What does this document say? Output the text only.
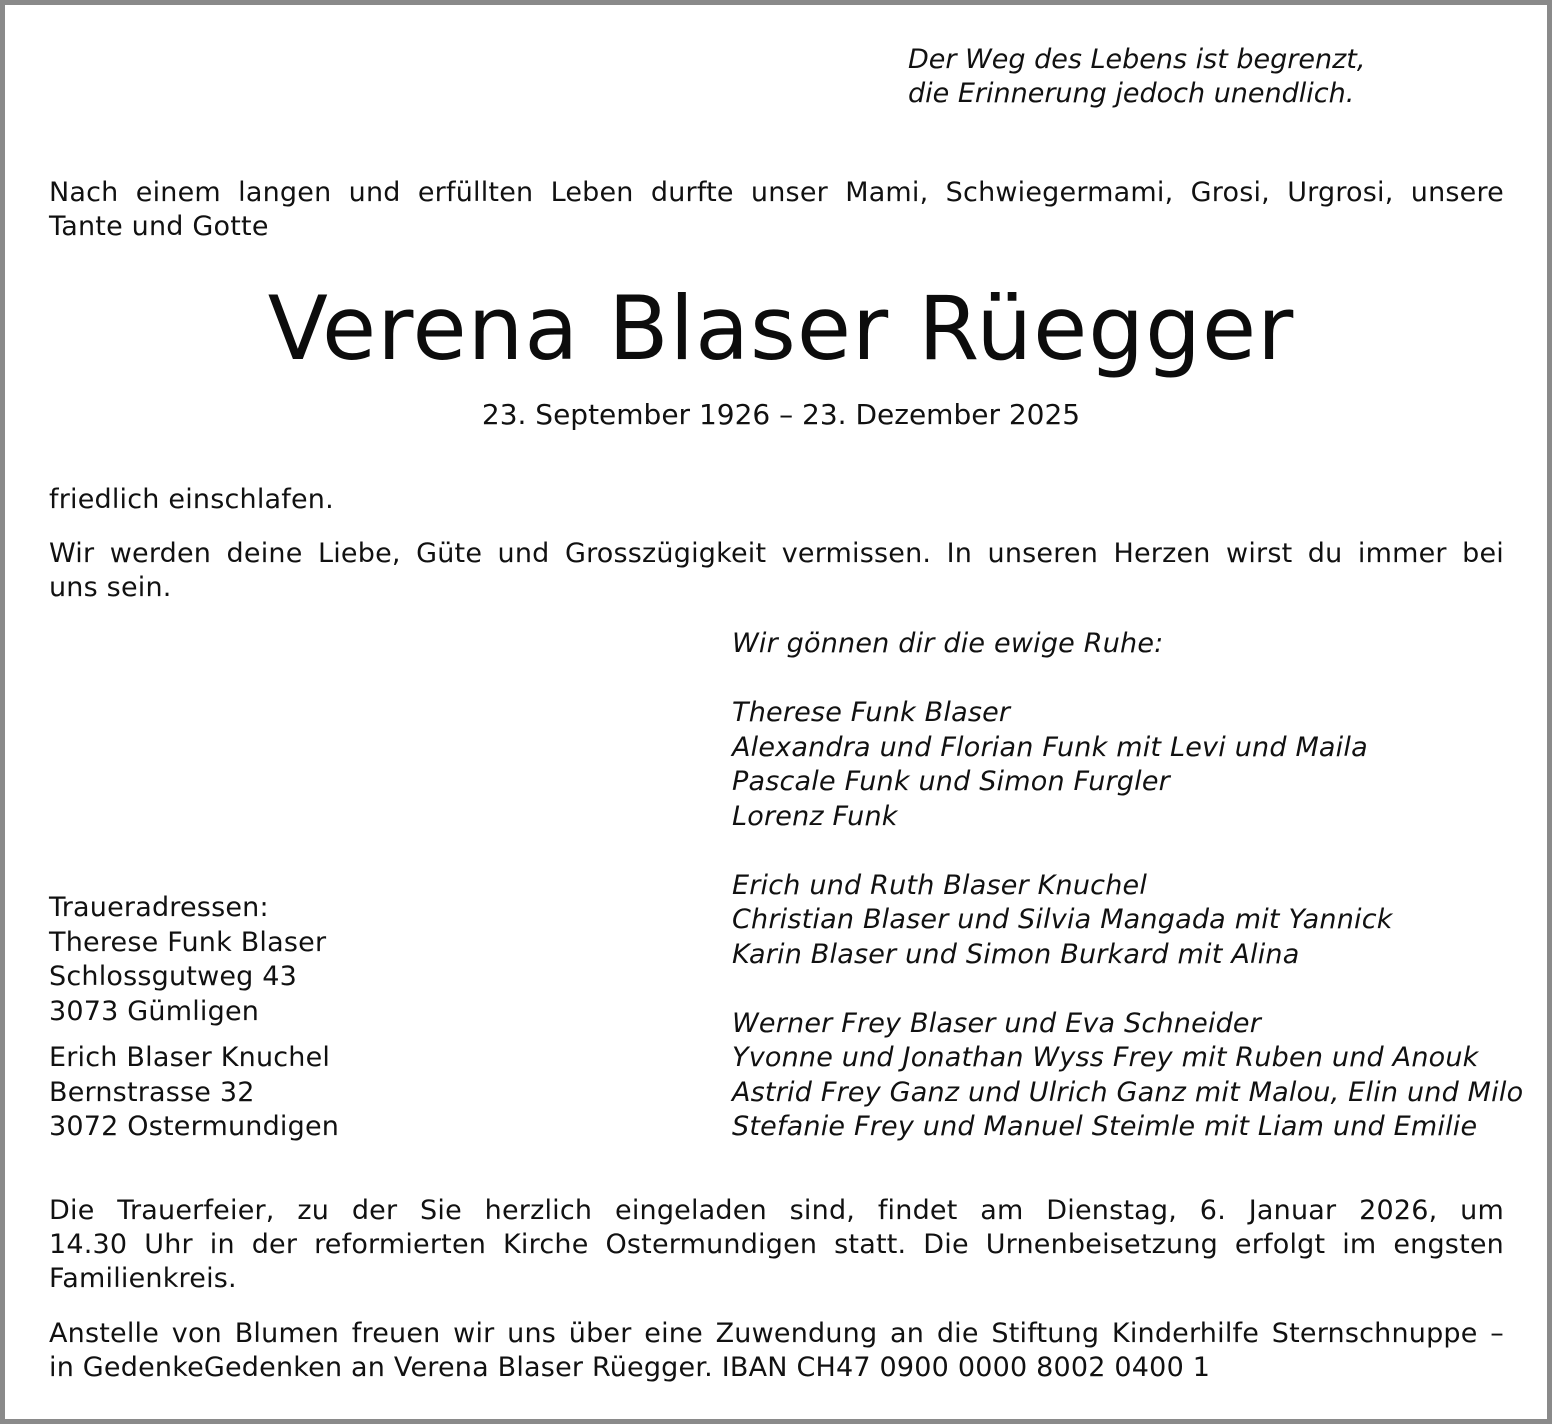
Der Weg des Lebens ist begrenzt,
die Erinnerung jedoch unendlich.
Nach einem langen und erfüllten Leben durfte unser Mami, Schwiegermami, Grosi, Urgrosi, unsere
Tante und Gotte
Verena Blaser Rüegger
23. September 1926 – 23. Dezember 2025
friedlich einschlafen.
Wir werden deine Liebe, Güte und Grosszügigkeit vermissen. In unseren Herzen wirst du immer bei
uns sein.
Wir gönnen dir die ewige Ruhe:
Therese Funk Blaser
Alexandra und Florian Funk mit Levi und Maila
Pascale Funk und Simon Furgler
Lorenz Funk
Erich und Ruth Blaser Knuchel
Christian Blaser und Silvia Mangada mit Yannick
Karin Blaser und Simon Burkard mit Alina
Werner Frey Blaser und Eva Schneider
Yvonne und Jonathan Wyss Frey mit Ruben und Anouk
Astrid Frey Ganz und Ulrich Ganz mit Malou, Elin und Milo
Stefanie Frey und Manuel Steimle mit Liam und Emilie
Traueradressen:
Therese Funk Blaser
Schlossgutweg 43
3073 Gümligen
Erich Blaser Knuchel
Bernstrasse 32
3072 Ostermundigen
Die Trauerfeier, zu der Sie herzlich eingeladen sind, findet am Dienstag, 6. Januar 2026, um
14.30 Uhr in der reformierten Kirche Ostermundigen statt. Die Urnenbeisetzung erfolgt im engsten
Familienkreis.
Anstelle von Blumen freuen wir uns über eine Zuwendung an die Stiftung Kinderhilfe Sternschnuppe –
in GedenkeGedenken an Verena Blaser Rüegger. IBAN CH47 0900 0000 8002 0400 1
